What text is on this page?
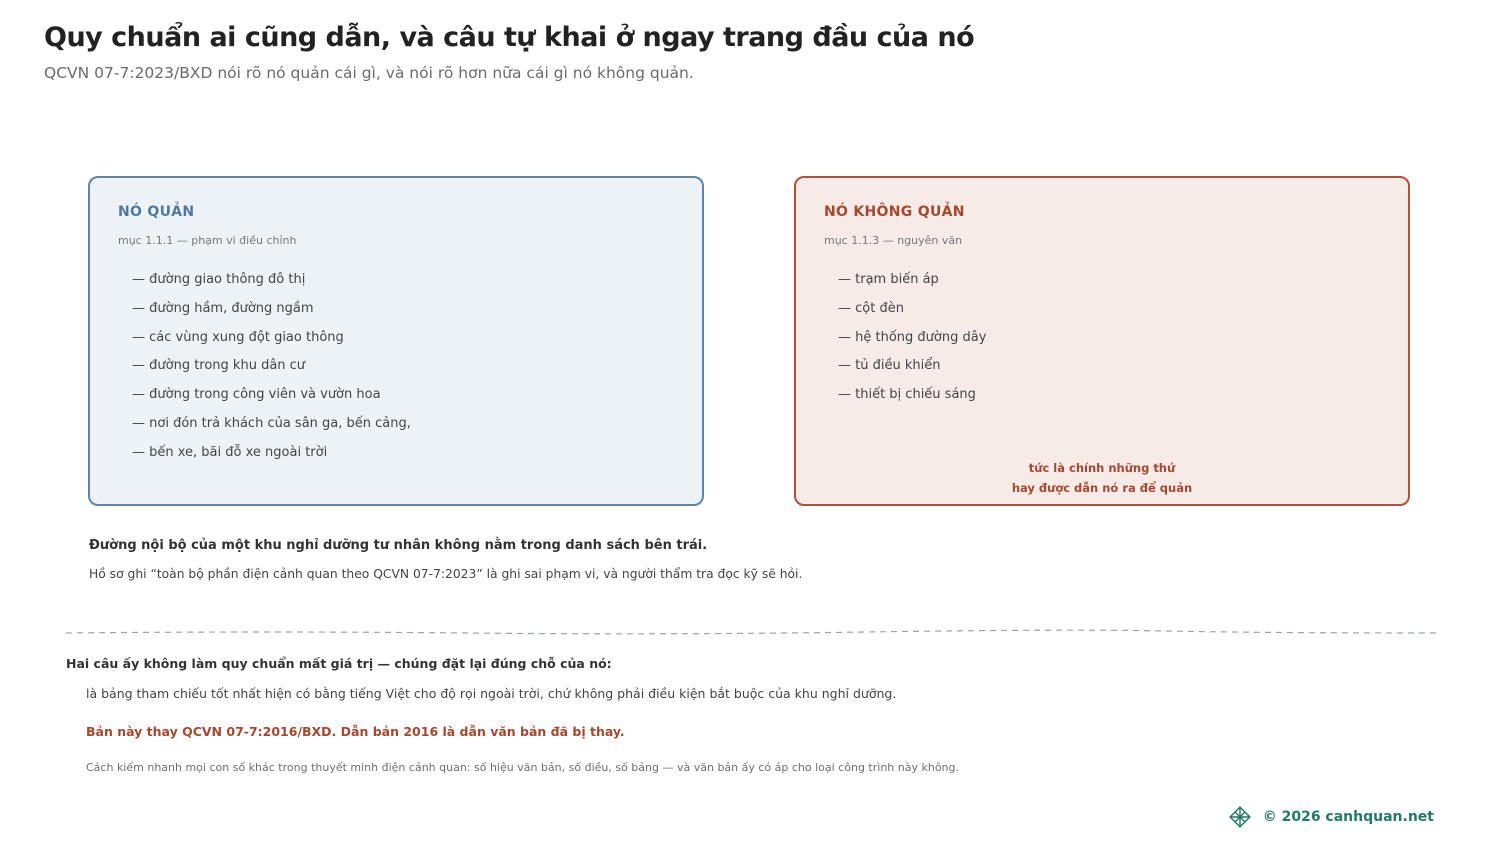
Quy chuẩn ai cũng dẫn, và câu tự khai ở ngay trang đầu của nó

QCVN 07-7:2023/BXD nói rõ nó quản cái gì, và nói rõ hơn nữa cái gì nó không quản.

NÓ QUẢN
mục 1.1.1 — phạm vi điều chỉnh
— đường giao thông đô thị
— đường hầm, đường ngầm
— các vùng xung đột giao thông
— đường trong khu dân cư
— đường trong công viên và vườn hoa
— nơi đón trả khách của sân ga, bến cảng,
— bến xe, bãi đỗ xe ngoài trời
NÓ KHÔNG QUẢN
mục 1.1.3 — nguyên văn
— trạm biến áp
— cột đèn
— hệ thống đường dây
— tủ điều khiển
— thiết bị chiếu sáng

tức là chính những thứ
hay được dẫn nó ra để quản

Đường nội bộ của một khu nghỉ dưỡng tư nhân không nằm trong danh sách bên trái.

Hồ sơ ghi “toàn bộ phần điện cảnh quan theo QCVN 07-7:2023” là ghi sai phạm vi, và người thẩm tra đọc kỹ sẽ hỏi.

Hai câu ấy không làm quy chuẩn mất giá trị — chúng đặt lại đúng chỗ của nó:

là bảng tham chiếu tốt nhất hiện có bằng tiếng Việt cho độ rọi ngoài trời, chứ không phải điều kiện bắt buộc của khu nghỉ dưỡng.

Bản này thay QCVN 07-7:2016/BXD. Dẫn bản 2016 là dẫn văn bản đã bị thay.

Cách kiểm nhanh mọi con số khác trong thuyết minh điện cảnh quan: số hiệu văn bản, số điều, số bảng — và văn bản ấy có áp cho loại công trình này không.

© 2026 canhquan.net
